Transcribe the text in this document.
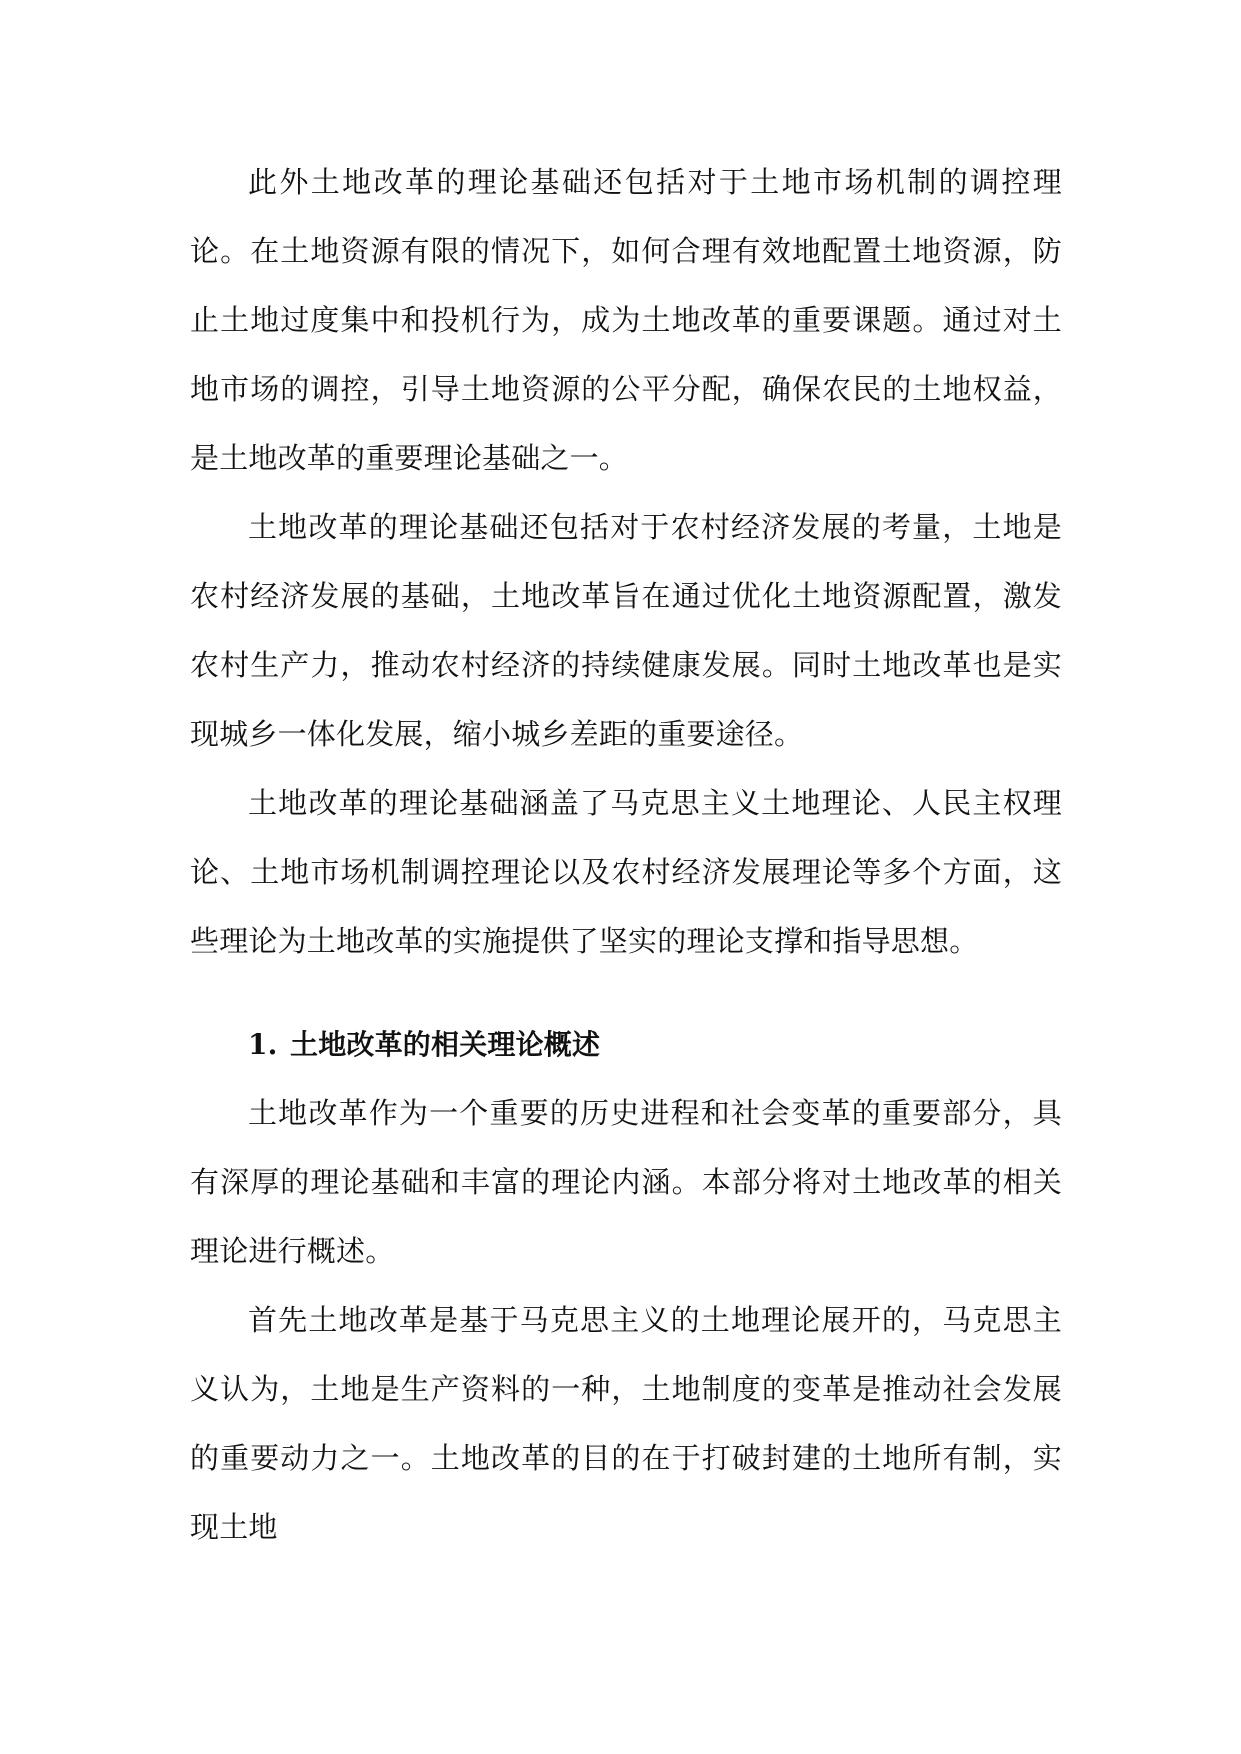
此外土地改革的理论基础还包括对于土地市场机制的调控理论。在土地资源有限的情况下，如何合理有效地配置土地资源，防止土地过度集中和投机行为，成为土地改革的重要课题。通过对土地市场的调控，引导土地资源的公平分配，确保农民的土地权益，是土地改革的重要理论基础之一。

土地改革的理论基础还包括对于农村经济发展的考量，土地是农村经济发展的基础，土地改革旨在通过优化土地资源配置，激发农村生产力，推动农村经济的持续健康发展。同时土地改革也是实现城乡一体化发展，缩小城乡差距的重要途径。

土地改革的理论基础涵盖了马克思主义土地理论、人民主权理论、土地市场机制调控理论以及农村经济发展理论等多个方面，这些理论为土地改革的实施提供了坚实的理论支撑和指导思想。

1. 土地改革的相关理论概述

土地改革作为一个重要的历史进程和社会变革的重要部分，具有深厚的理论基础和丰富的理论内涵。本部分将对土地改革的相关理论进行概述。

首先土地改革是基于马克思主义的土地理论展开的，马克思主义认为，土地是生产资料的一种，土地制度的变革是推动社会发展的重要动力之一。土地改革的目的在于打破封建的土地所有制，实现土地
